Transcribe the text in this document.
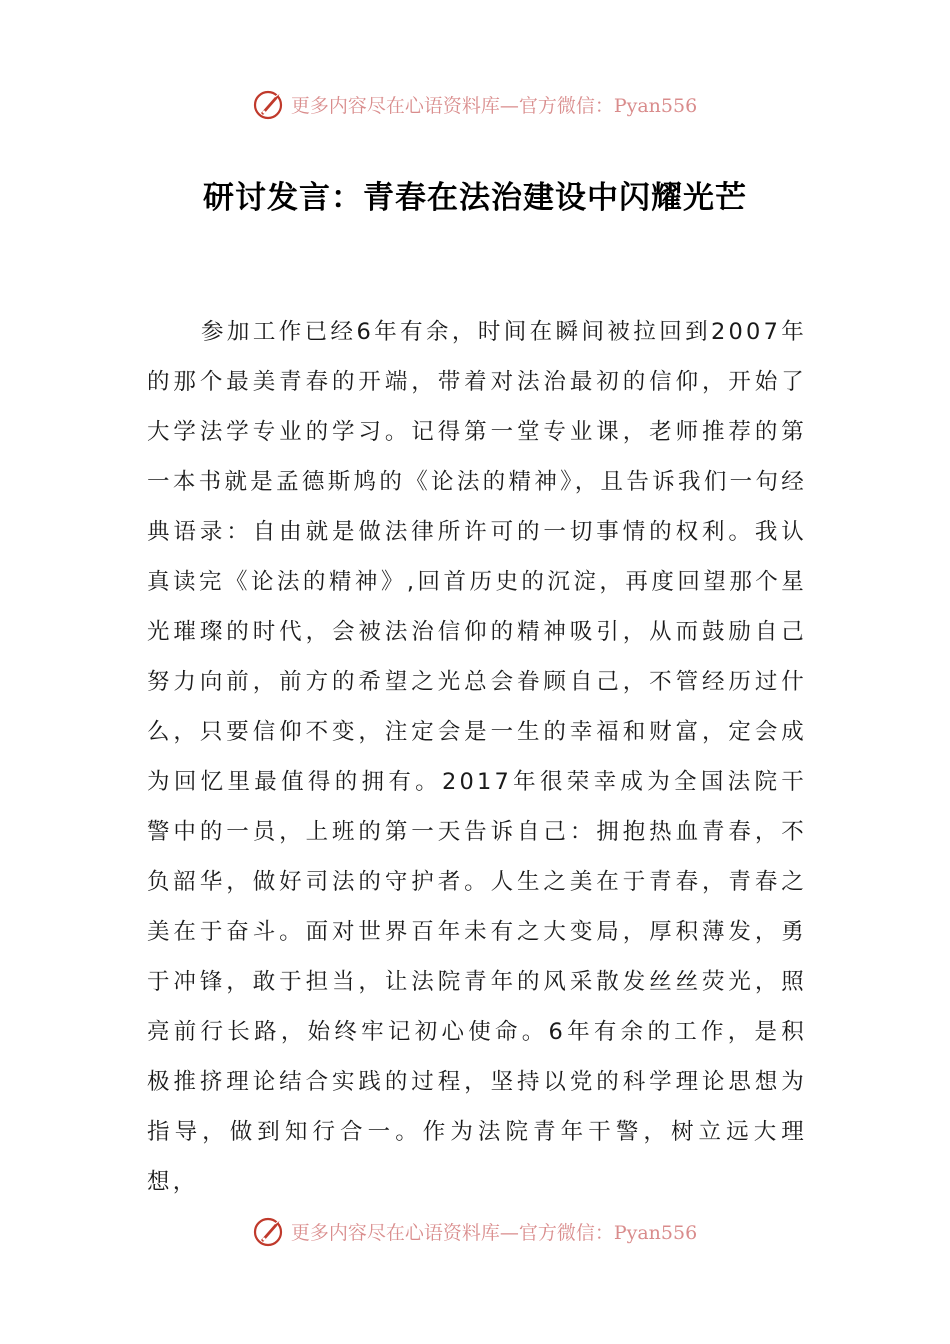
更多内容尽在心语资料库—官方微信：Pyan556
研讨发言：青春在法治建设中闪耀光芒

参加工作已经6年有余，时间在瞬间被拉回到2007年的那个最美青春的开端，带着对法治最初的信仰，开始了大学法学专业的学习。记得第一堂专业课，老师推荐的第一本书就是孟德斯鸠的《论法的精神》，且告诉我们一句经典语录：自由就是做法律所许可的一切事情的权利。我认真读完《论法的精神》,回首历史的沉淀，再度回望那个星光璀璨的时代，会被法治信仰的精神吸引，从而鼓励自己努力向前，前方的希望之光总会眷顾自己，不管经历过什么，只要信仰不变，注定会是一生的幸福和财富，定会成为回忆里最值得的拥有。2017年很荣幸成为全国法院干警中的一员，上班的第一天告诉自己：拥抱热血青春，不负韶华，做好司法的守护者。人生之美在于青春，青春之美在于奋斗。面对世界百年未有之大变局，厚积薄发，勇于冲锋，敢于担当，让法院青年的风采散发丝丝荧光，照亮前行长路，始终牢记初心使命。6年有余的工作，是积极推挤理论结合实践的过程，坚持以党的科学理论思想为指导，做到知行合一。作为法院青年干警，树立远大理想，

更多内容尽在心语资料库—官方微信：Pyan556
